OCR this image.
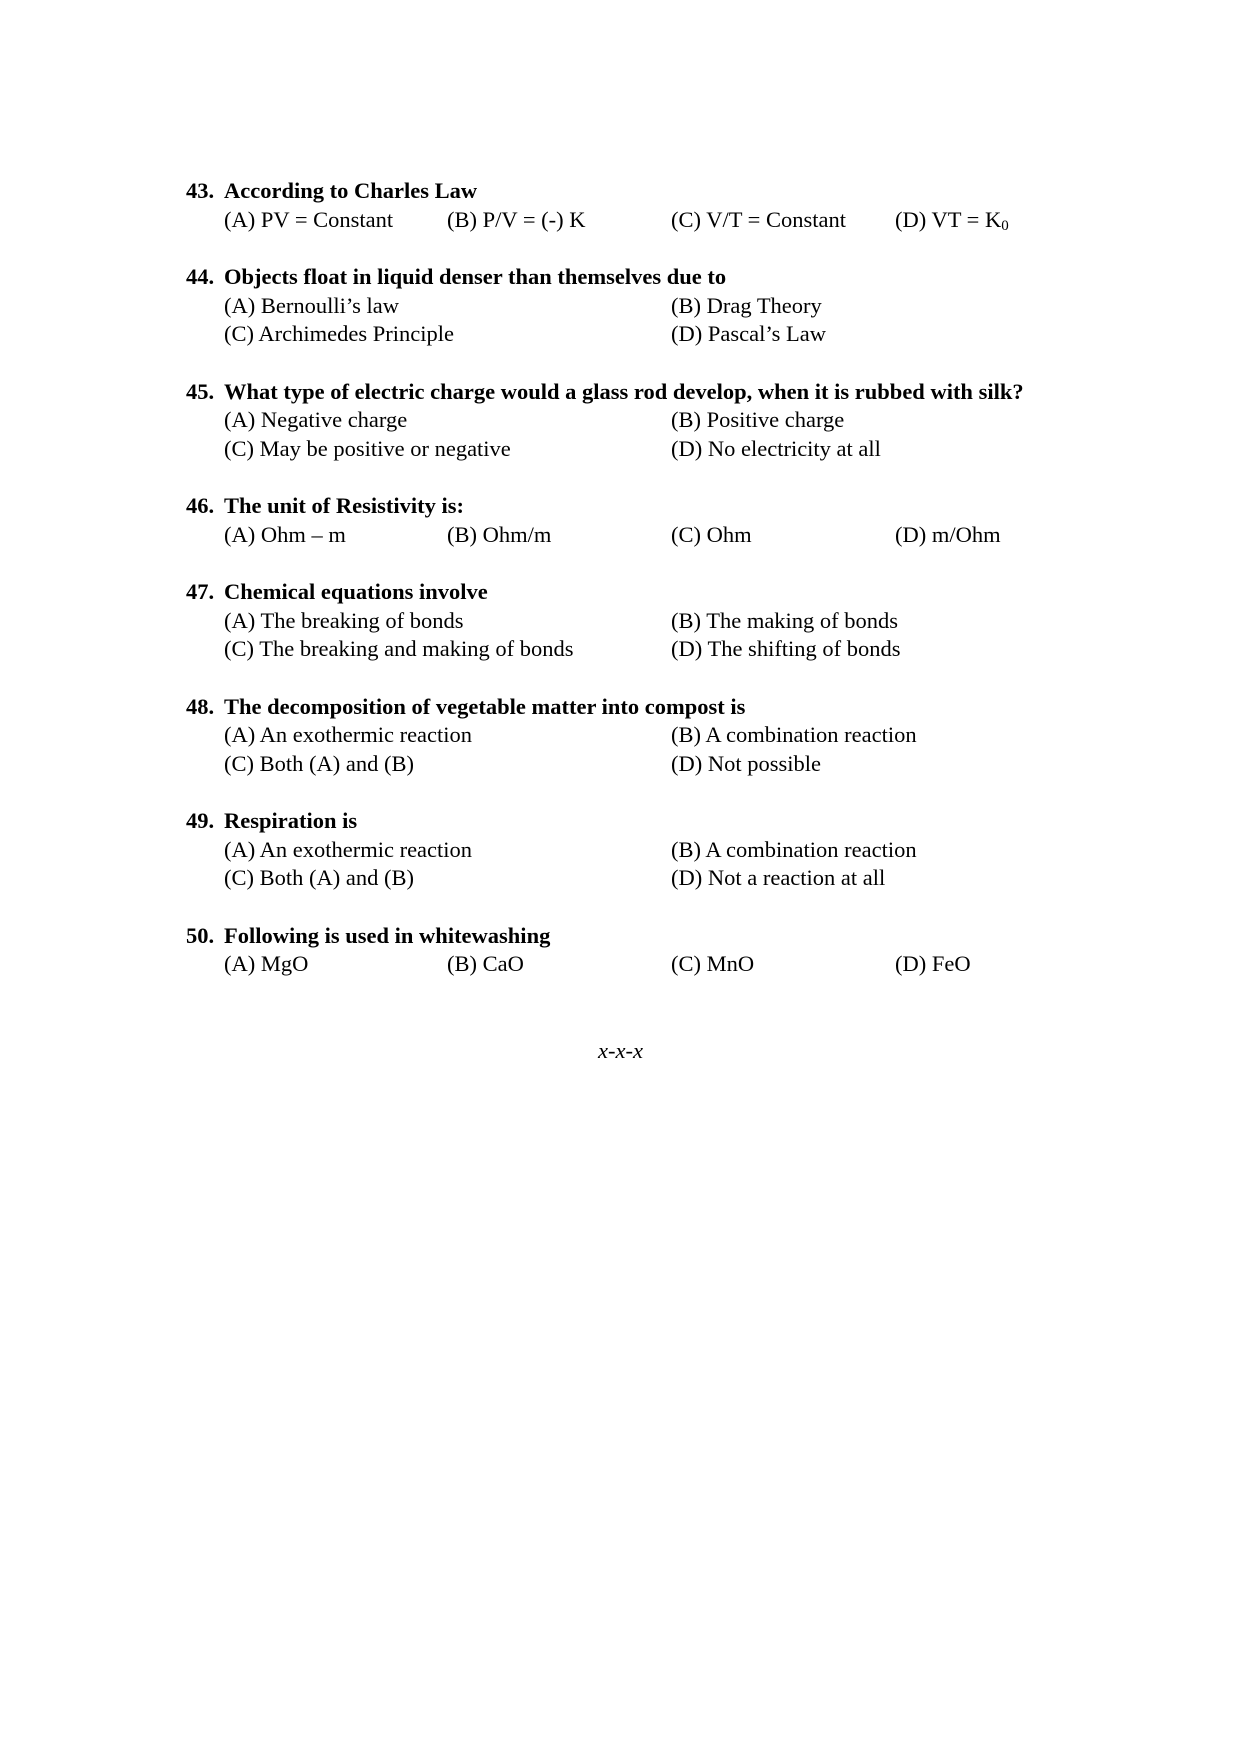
43. According to Charles Law
(A) PV = Constant	(B) P/V = (-) K	(C) V/T = Constant	(D) VT = $K_0$
44. Objects float in liquid denser than themselves due to
(A) Bernoulli’s law	(B) Drag Theory
(C) Archimedes Principle	(D) Pascal’s Law
45. What type of electric charge would a glass rod develop, when it is rubbed with silk?
(A) Negative charge	(B) Positive charge
(C) May be positive or negative	(D) No electricity at all
46. The unit of Resistivity is:
(A) Ohm – m	(B) Ohm/m	(C) Ohm	(D) m/Ohm
47. Chemical equations involve
(A) The breaking of bonds	(B) The making of bonds
(C) The breaking and making of bonds	(D) The shifting of bonds
48. The decomposition of vegetable matter into compost is
(A) An exothermic reaction	(B) A combination reaction
(C) Both (A) and (B)	(D) Not possible
49. Respiration is
(A) An exothermic reaction	(B) A combination reaction
(C) Both (A) and (B)	(D) Not a reaction at all
50. Following is used in whitewashing
(A) MgO	(B) CaO	(C) MnO	(D) FeO
x-x-x
